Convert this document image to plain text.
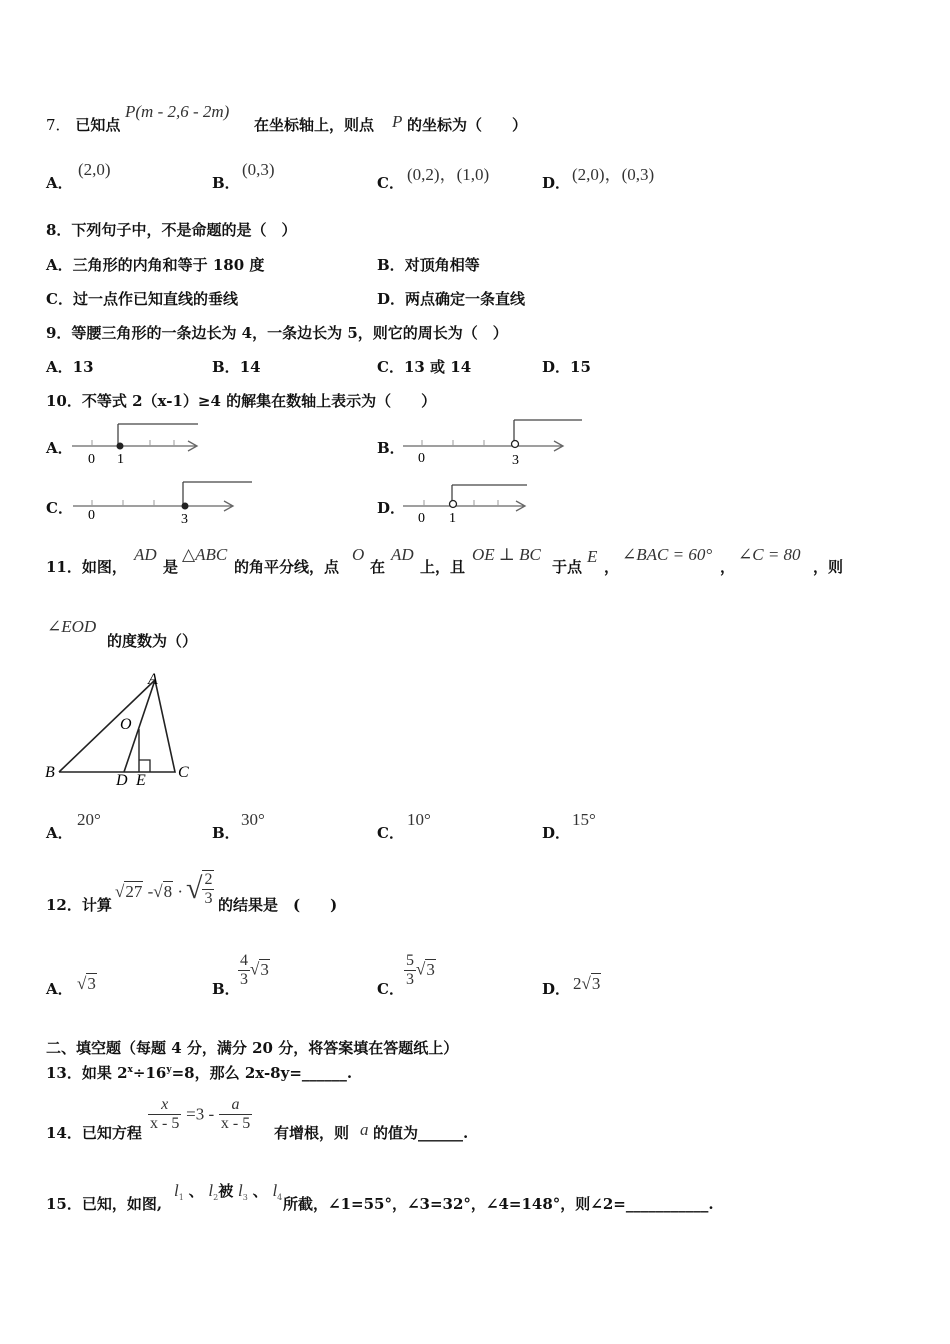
7． 已知点
P(m - 2,6 - 2m)
在坐标轴上，则点 P 的坐标为（　　）
A．
(2,0)
B．
(0,3)
C． (0,2)，(1,0)	D． (2,0)，(0,3)
8．下列句子中，不是命题的是（　）
A．三角形的内角和等于 180 度	B．对顶角相等
C．过一点作已知直线的垂线	D．两点确定一条直线
9．等腰三角形的一条边长为 4，一条边长为 5，则它的周长为（　）
A．13	B．14	C．13 或 14	D．15
10．不等式 2（x-1）≥4 的解集在数轴上表示为（　　）
A．
0 1
B．
0	3
C． 0	3
D．
0 1
11．如图，
AD
是
△ABC
的角平分线，点
O
在
AD
上，且
OE ⊥ BC
于点
E
，
∠BAC = 60°
，
∠C = 80
，则
∠EOD
的度数为（）
A
O
B	D E C
A．
20°
B．
30°
C．
10°
D．
15°
12．计算
√27 -√8 · √ $\frac{2}{3}$ 的结果是　(　　)
A． √3	B．
$\frac{4}{3} √3$
C． $\frac{5}{3} √3$
D． 2√3
二、填空题（每题 4 分，满分 20 分，将答案填在答题纸上）
13．如果 $2^x\div 16^y=8$，那么 2x-8y=______.
14．已知方程 $\frac{x}{x - 5} =3 - \frac{a}{x - 5}$ 有增根，则 a 的值为______.
15．已知，如图,
$l_1$ 、 $l_2$被 $l_3$ 、 $l_4$ 所截，∠1=55°，∠3=32°，∠4=148°，则∠2=___________.
